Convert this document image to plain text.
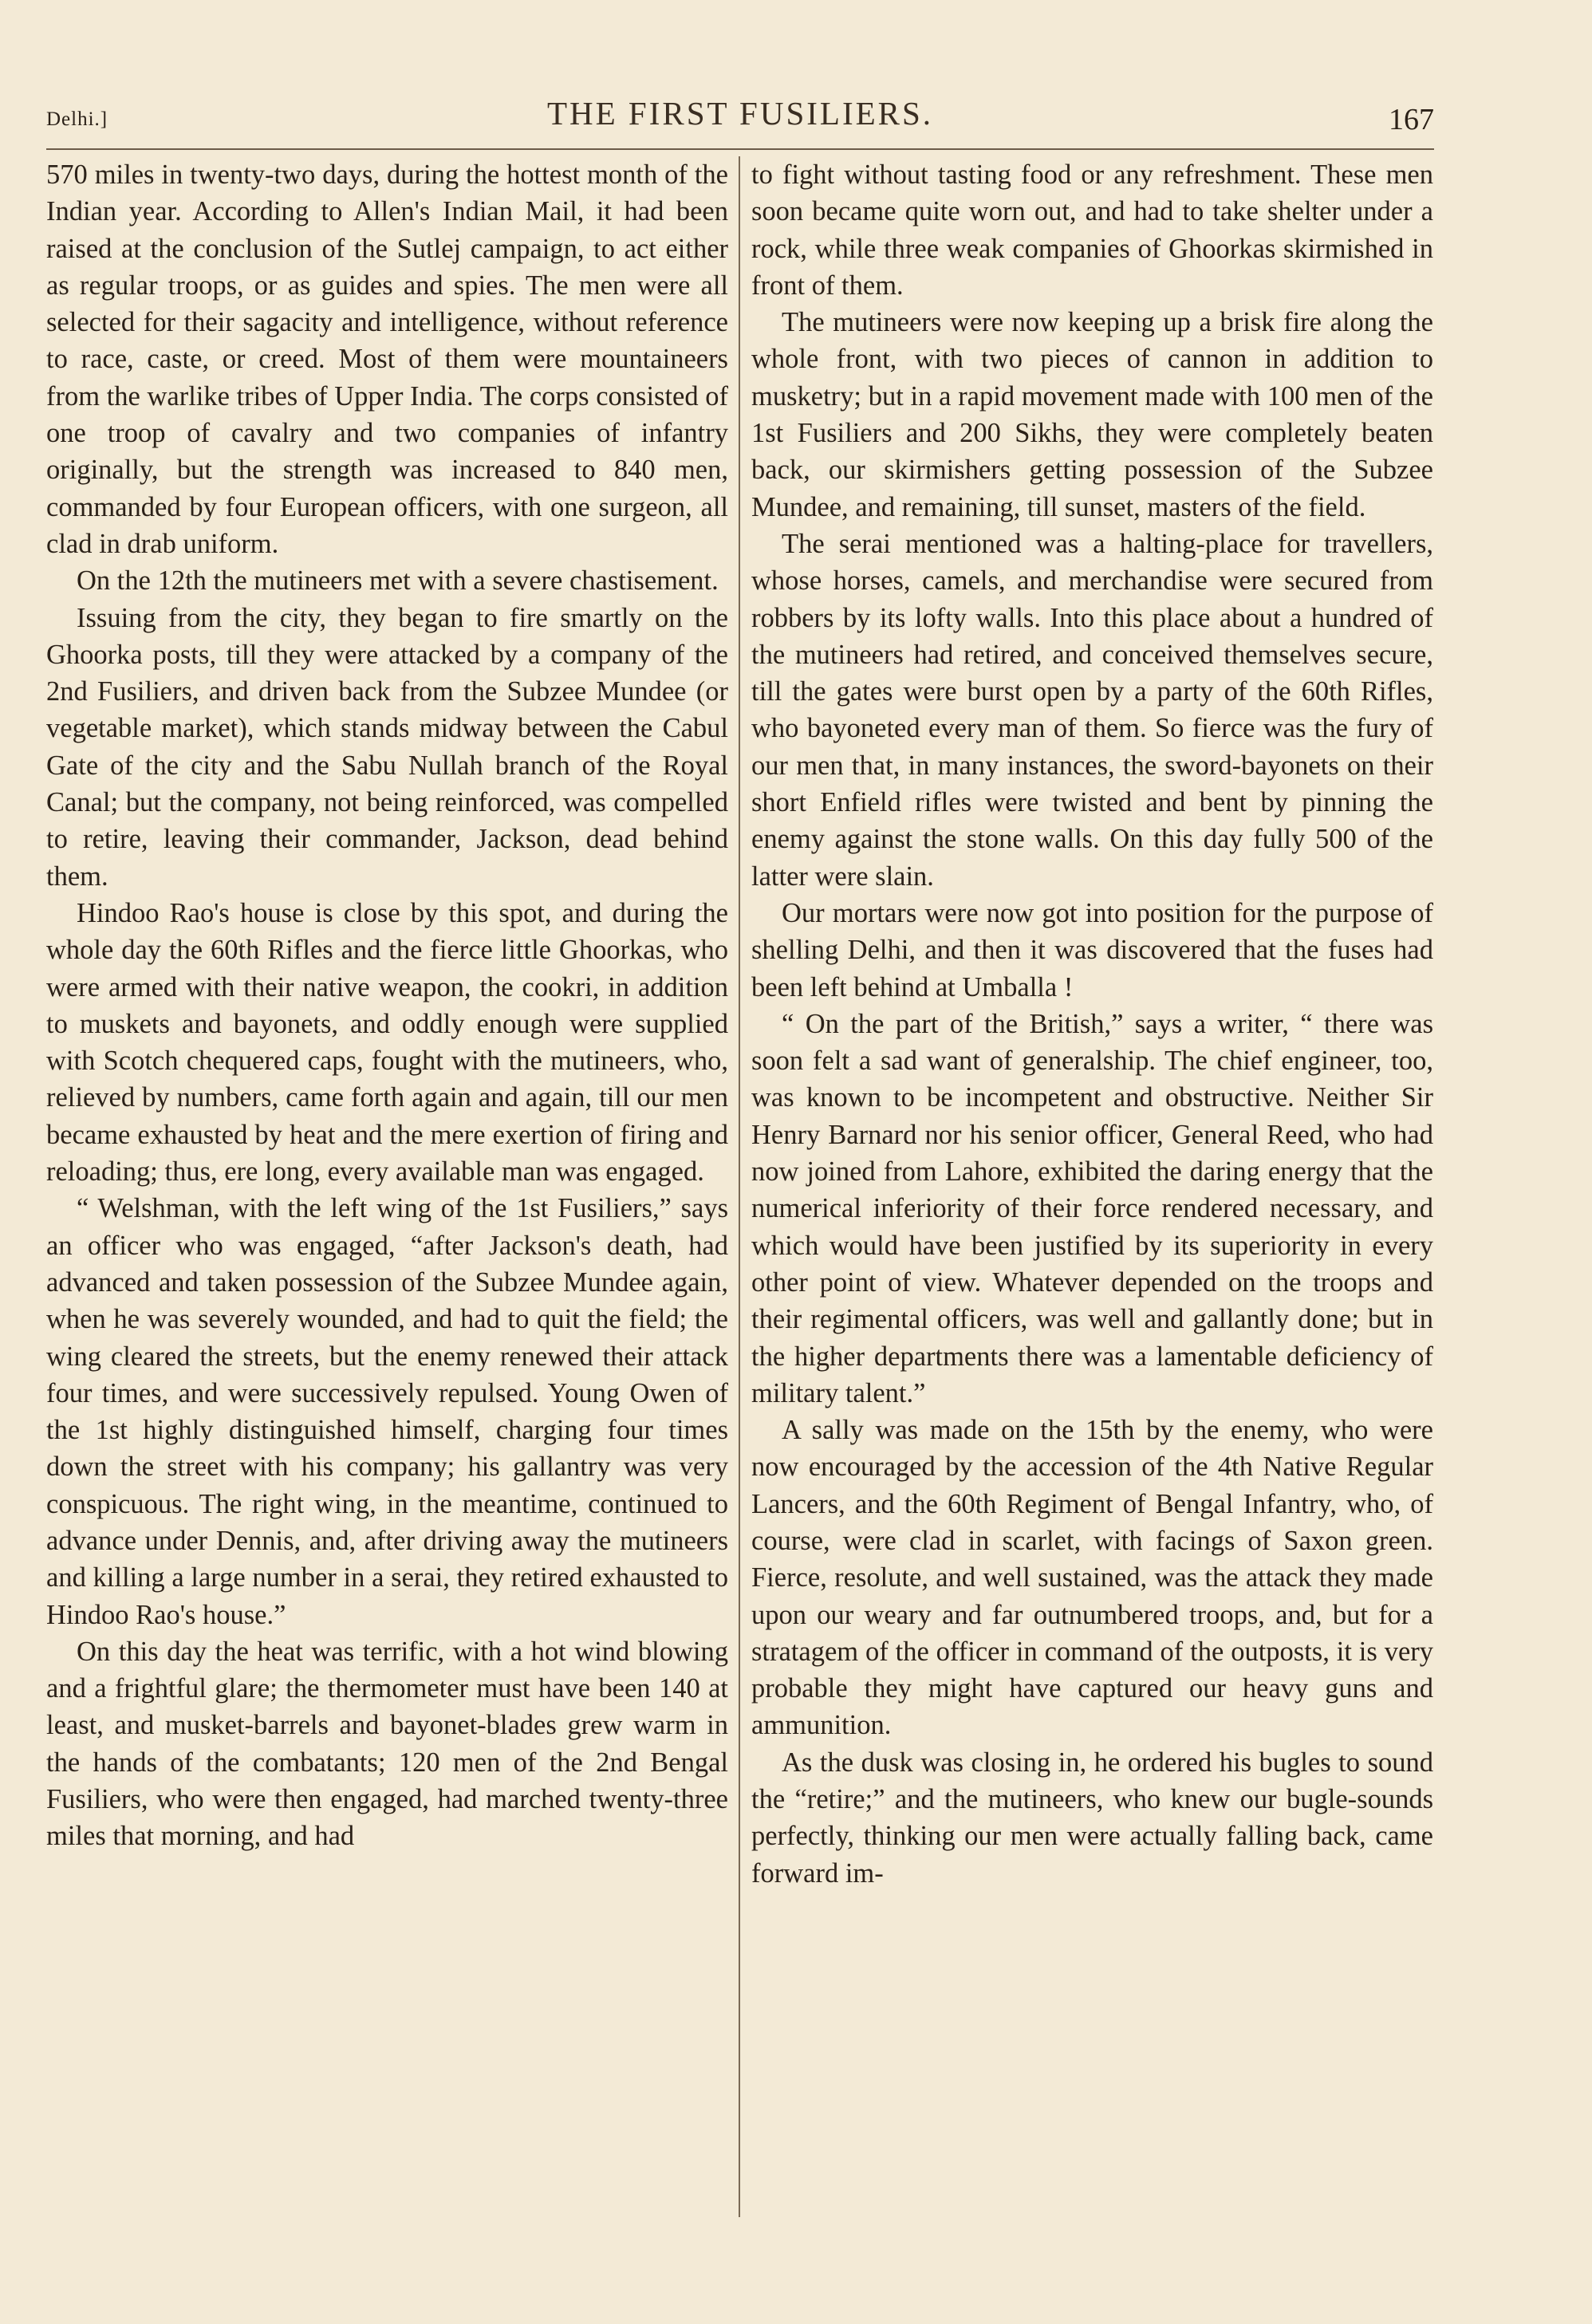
Delhi.]	THE FIRST FUSILIERS.	167

570 miles in twenty-two days, during the hottest month of the Indian year. According to Allen's Indian Mail, it had been raised at the conclusion of the Sutlej campaign, to act either as regular troops, or as guides and spies. The men were all selected for their sagacity and intelligence, without reference to race, caste, or creed. Most of them were mountaineers from the warlike tribes of Upper India. The corps consisted of one troop of cavalry and two companies of infantry originally, but the strength was increased to 840 men, commanded by four European officers, with one surgeon, all clad in drab uniform.

On the 12th the mutineers met with a severe chastisement.

Issuing from the city, they began to fire smartly on the Ghoorka posts, till they were attacked by a company of the 2nd Fusiliers, and driven back from the Subzee Mundee (or vegetable market), which stands midway between the Cabul Gate of the city and the Sabu Nullah branch of the Royal Canal; but the company, not being reinforced, was compelled to retire, leaving their commander, Jackson, dead behind them.

Hindoo Rao's house is close by this spot, and during the whole day the 60th Rifles and the fierce little Ghoorkas, who were armed with their native weapon, the cookri, in addition to muskets and bayonets, and oddly enough were supplied with Scotch chequered caps, fought with the mutineers, who, relieved by numbers, came forth again and again, till our men became exhausted by heat and the mere exertion of firing and reloading; thus, ere long, every available man was engaged.

“ Welshman, with the left wing of the 1st Fusiliers,” says an officer who was engaged, “after Jackson's death, had advanced and taken possession of the Subzee Mundee again, when he was severely wounded, and had to quit the field; the wing cleared the streets, but the enemy renewed their attack four times, and were successively repulsed. Young Owen of the 1st highly distinguished himself, charging four times down the street with his company; his gallantry was very conspicuous. The right wing, in the meantime, continued to advance under Dennis, and, after driving away the mutineers and killing a large number in a serai, they retired exhausted to Hindoo Rao's house.”

On this day the heat was terrific, with a hot wind blowing and a frightful glare; the thermometer must have been 140 at least, and musket-barrels and bayonet-blades grew warm in the hands of the combatants; 120 men of the 2nd Bengal Fusiliers, who were then engaged, had marched twenty-three miles that morning, and had

to fight without tasting food or any refreshment. These men soon became quite worn out, and had to take shelter under a rock, while three weak companies of Ghoorkas skirmished in front of them.

The mutineers were now keeping up a brisk fire along the whole front, with two pieces of cannon in addition to musketry; but in a rapid movement made with 100 men of the 1st Fusiliers and 200 Sikhs, they were completely beaten back, our skirmishers getting possession of the Subzee Mundee, and remaining, till sunset, masters of the field.

The serai mentioned was a halting-place for travellers, whose horses, camels, and merchandise were secured from robbers by its lofty walls. Into this place about a hundred of the mutineers had retired, and conceived themselves secure, till the gates were burst open by a party of the 60th Rifles, who bayoneted every man of them. So fierce was the fury of our men that, in many instances, the sword-bayonets on their short Enfield rifles were twisted and bent by pinning the enemy against the stone walls. On this day fully 500 of the latter were slain.

Our mortars were now got into position for the purpose of shelling Delhi, and then it was discovered that the fuses had been left behind at Umballa !

“ On the part of the British,” says a writer, “ there was soon felt a sad want of generalship. The chief engineer, too, was known to be incompetent and obstructive. Neither Sir Henry Barnard nor his senior officer, General Reed, who had now joined from Lahore, exhibited the daring energy that the numerical inferiority of their force rendered necessary, and which would have been justified by its superiority in every other point of view. Whatever depended on the troops and their regimental officers, was well and gallantly done; but in the higher departments there was a lamentable deficiency of military talent.”

A sally was made on the 15th by the enemy, who were now encouraged by the accession of the 4th Native Regular Lancers, and the 60th Regiment of Bengal Infantry, who, of course, were clad in scarlet, with facings of Saxon green. Fierce, resolute, and well sustained, was the attack they made upon our weary and far outnumbered troops, and, but for a stratagem of the officer in command of the outposts, it is very probable they might have captured our heavy guns and ammunition.

As the dusk was closing in, he ordered his bugles to sound the “retire;” and the mutineers, who knew our bugle-sounds perfectly, thinking our men were actually falling back, came forward im-
